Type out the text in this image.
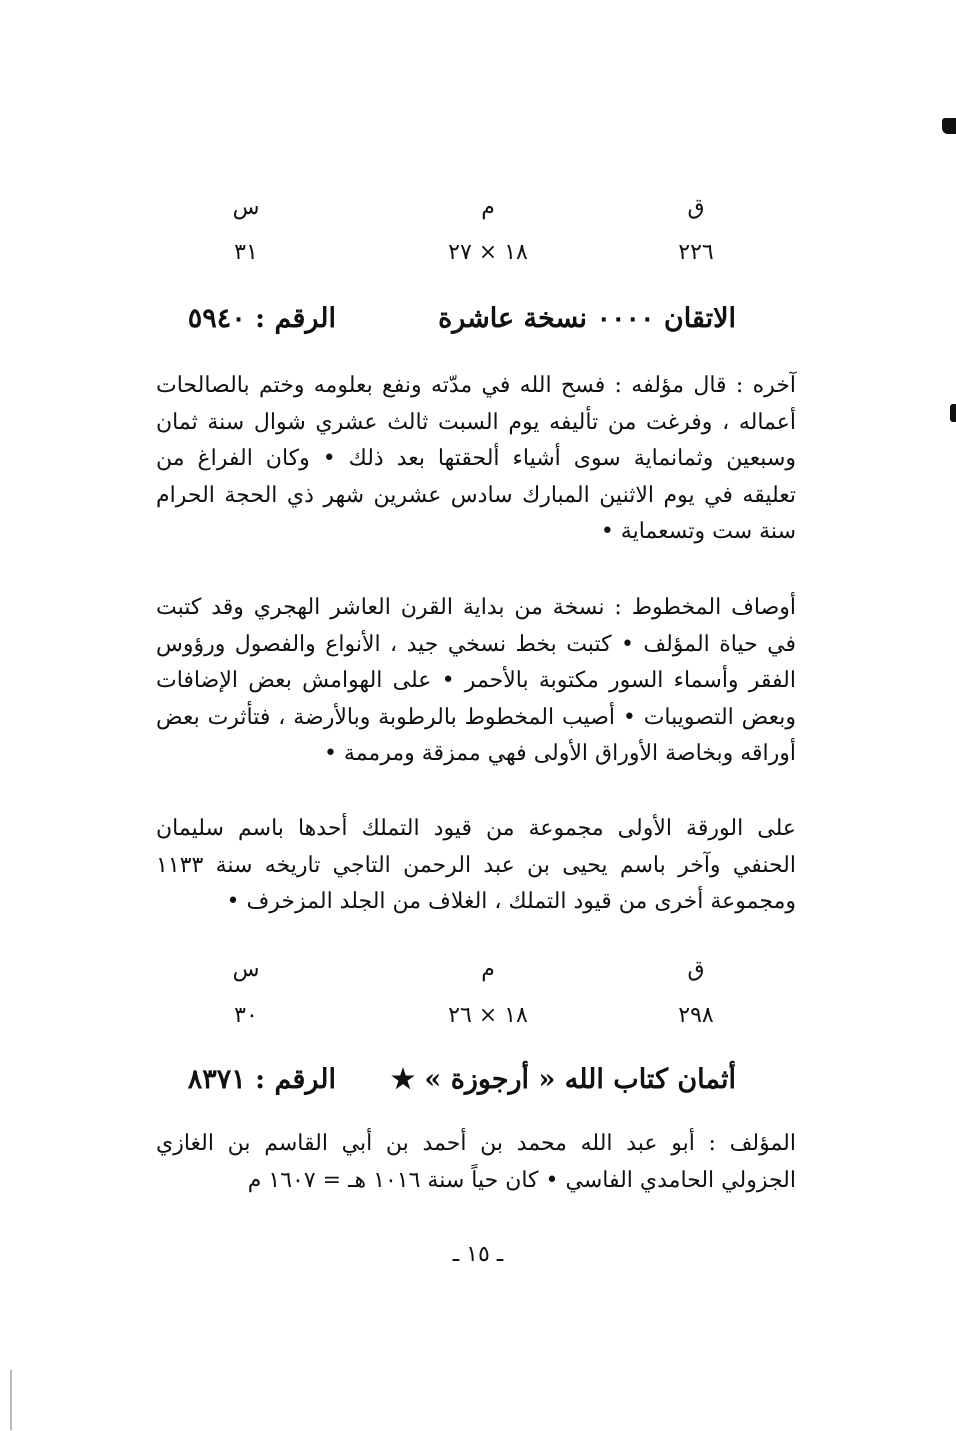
ق
م
س
٢٢٦
١٨ × ٢٧
٣١
الاتقان ٠٠٠٠ نسخة عاشرة
الرقم : ٥٩٤٠
آخره : قال مؤلفه : فسح الله في مدّته ونفع بعلومه وختم بالصالحات أعماله ، وفرغت من تأليفه يوم السبت ثالث عشري شوال سنة ثمان وسبعين وثمانماية سوى أشياء ألحقتها بعد ذلك • وكان الفراغ من تعليقه في يوم الاثنين المبارك سادس عشرين شهر ذي الحجة الحرام سنة ست وتسعماية •
أوصاف المخطوط : نسخة من بداية القرن العاشر الهجري وقد كتبت في حياة المؤلف • كتبت بخط نسخي جيد ، الأنواع والفصول ورؤوس الفقر وأسماء السور مكتوبة بالأحمر • على الهوامش بعض الإضافات وبعض التصويبات • أصيب المخطوط بالرطوبة وبالأرضة ، فتأثرت بعض أوراقه وبخاصة الأوراق الأولى فهي ممزقة ومرممة •
على الورقة الأولى مجموعة من قيود التملك أحدها باسم سليمان الحنفي وآخر باسم يحيى بن عبد الرحمن التاجي تاريخه سنة ١١٣٣ ومجموعة أخرى من قيود التملك ، الغلاف من الجلد المزخرف •
ق
م
س
٢٩٨
١٨ × ٢٦
٣٠
أثمان كتاب الله « أرجوزة » ★
الرقم : ٨٣٧١
المؤلف : أبو عبد الله محمد بن أحمد بن أبي القاسم بن الغازي الجزولي الحامدي الفاسي • كان حياً سنة ١٠١٦ هـ = ١٦٠٧ م
ـ ١٥ ـ
